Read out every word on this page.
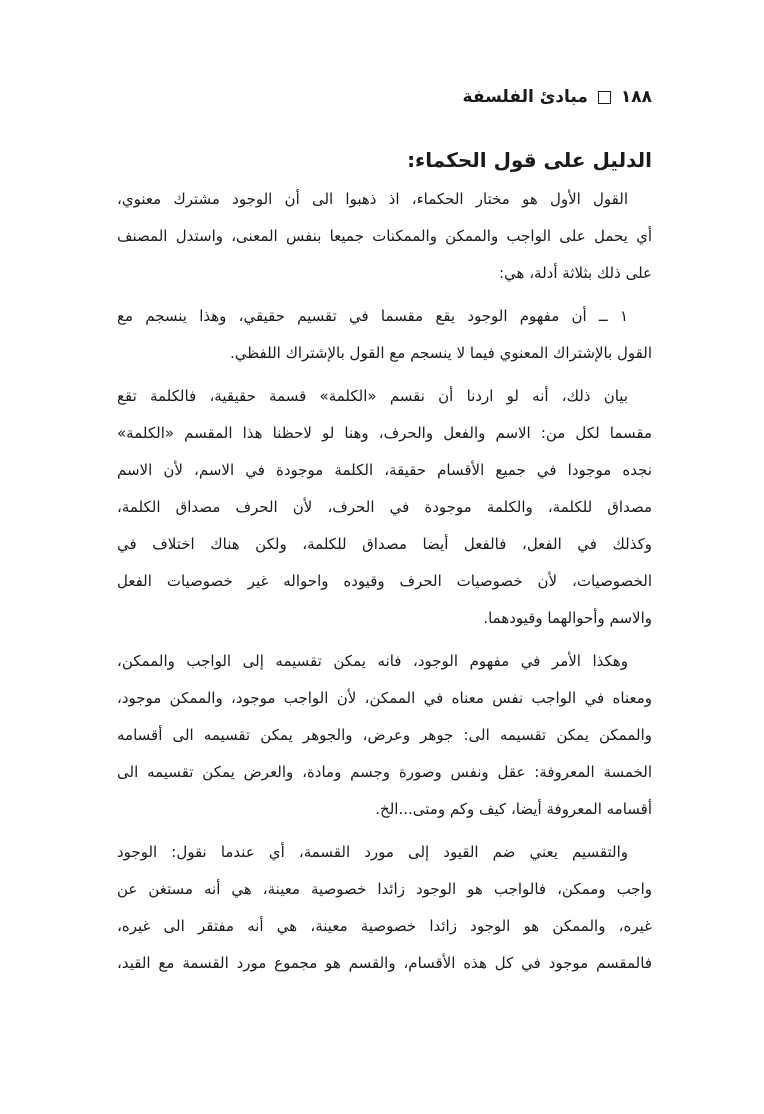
١٨٨
مبادئ الفلسفة
الدليل على قول الحكماء:
القول الأول هو مختار الحكماء، اذ ذهبوا الى أن الوجود مشترك معنوي،
أي يحمل على الواجب والممكن والممكنات جميعا بنفس المعنى، واستدل المصنف
على ذلك بثلاثة أدلة، هي:
١ ــ أن مفهوم الوجود يقع مقسما في تقسيم حقيقي، وهذا ينسجم مع
القول بالإشتراك المعنوي فيما لا ينسجم مع القول بالإشتراك اللفظي.
بيان ذلك، أنه لو اردنا أن نقسم «الكلمة» قسمة حقيقية، فالكلمة تقع
مقسما لكل من: الاسم والفعل والحرف، وهنا لو لاحظنا هذا المقسم «الكلمة»
نجده موجودا في جميع الأقسام حقيقة، الكلمة موجودة في الاسم، لأن الاسم
مصداق للكلمة، والكلمة موجودة في الحرف، لأن الحرف مصداق الكلمة،
وكذلك في الفعل، فالفعل أيضا مصداق للكلمة، ولكن هناك اختلاف في
الخصوصيات، لأن خصوصيات الحرف وقيوده واحواله غير خصوصيات الفعل
والاسم وأحوالهما وقيودهما.
وهكذا الأمر في مفهوم الوجود، فانه يمكن تقسيمه إلى الواجب والممكن،
ومعناه في الواجب نفس معناه في الممكن، لأن الواجب موجود، والممكن موجود،
والممكن يمكن تقسيمه الى: جوهر وعرض، والجوهر يمكن تقسيمه الى أقسامه
الخمسة المعروفة: عقل ونفس وصورة وجسم ومادة، والعرض يمكن تقسيمه الى
أقسامه المعروفة أيضا، كيف وكم ومتى...الخ.
والتقسيم يعني ضم القيود إلى مورد القسمة، أي عندما نقول: الوجود
واجب وممكن، فالواجب هو الوجود زائدا خصوصية معينة، هي أنه مستغن عن
غيره، والممكن هو الوجود زائدا خصوصية معينة، هي أنه مفتقر الى غيره،
فالمقسم موجود في كل هذه الأقسام، والقسم هو مجموع مورد القسمة مع القيد،
